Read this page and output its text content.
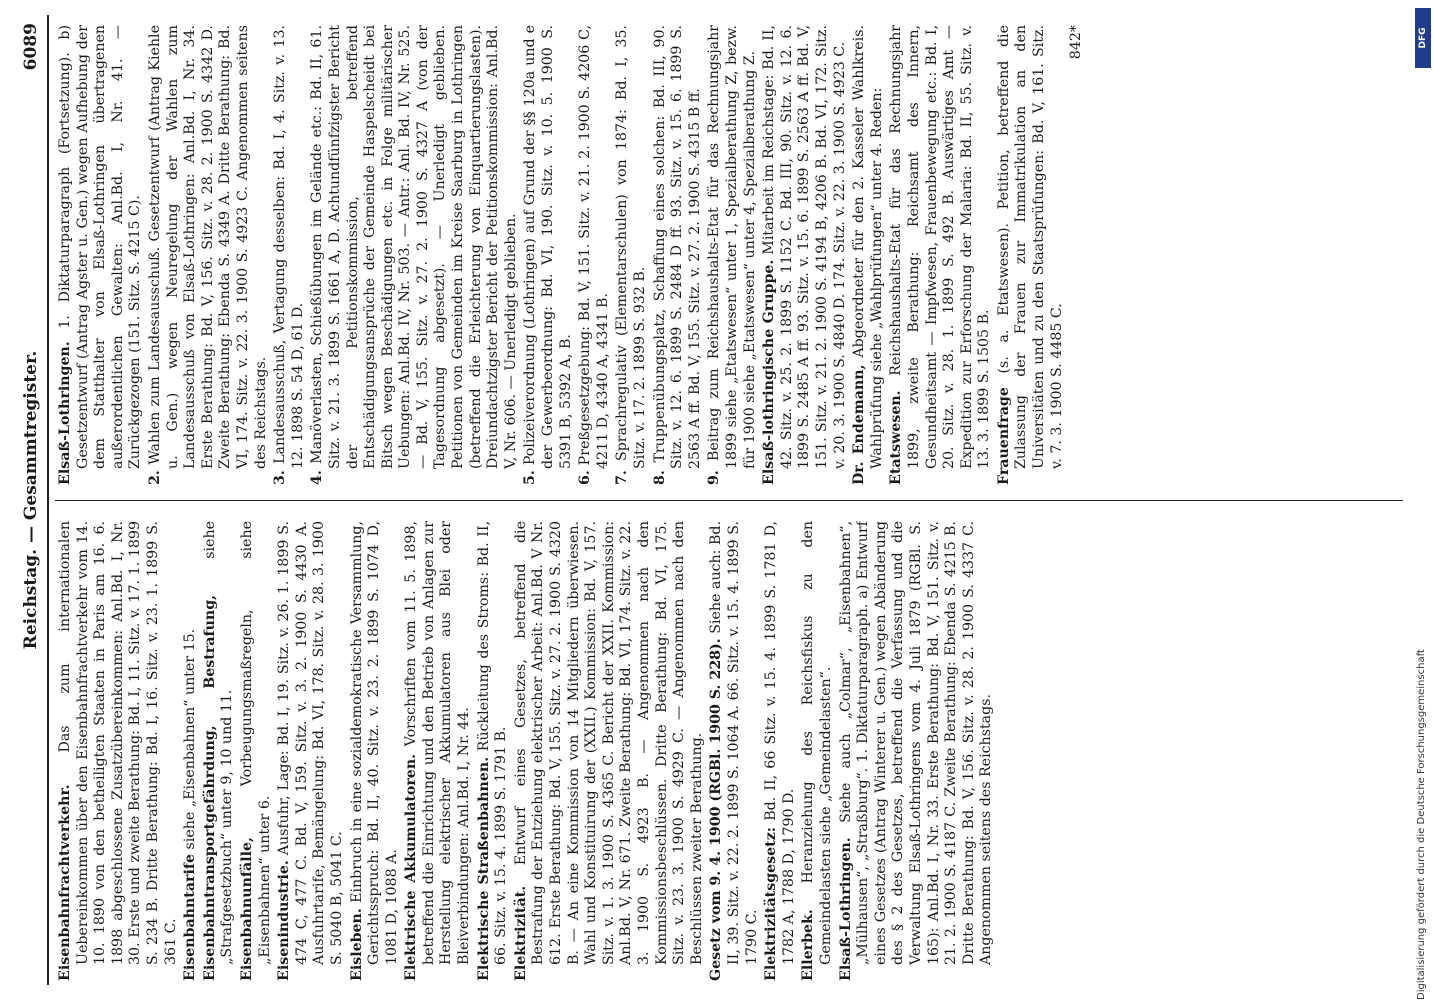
Reichstag. — Gesammtregister.
6089

Eisenbahnfrachtverkehr. Das zum internationalen Uebereinkommen über den Eisenbahnfrachtverkehr vom 14. 10. 1890 von den betheiligten Staaten in Paris am 16. 6. 1898 abgeschlossene Zusatzübereinkommen: Anl.Bd. I, Nr. 30. Erste und zweite Berathung: Bd. I, 11. Sitz. v. 17. 1. 1899 S. 234 B. Dritte Berathung: Bd. I, 16. Sitz. v. 23. 1. 1899 S. 361 C. Eisenbahntarife siehe „Eisenbahnen“ unter 15. Eisenbahntransportgefährdung, Bestrafung, siehe „Strafgesetzbuch“ unter 9, 10 und 11. Eisenbahnunfälle, Vorbeugungsmaßregeln, siehe „Eisenbahnen“ unter 6. Eisenindustrie. Ausfuhr, Lage: Bd. I, 19. Sitz. v. 26. 1. 1899 S. 474 C, 477 C. Bd. V, 159. Sitz. v. 3. 2. 1900 S. 4430 A. Ausfuhrtarife, Bemängelung: Bd. VI, 178. Sitz. v. 28. 3. 1900 S. 5040 B, 5041 C. Eisleben. Einbruch in eine sozialdemokratische Versammlung, Gerichtsspruch: Bd. II, 40. Sitz. v. 23. 2. 1899 S. 1074 D, 1081 D, 1088 A. Elektrische Akkumulatoren. Vorschriften vom 11. 5. 1898, betreffend die Einrichtung und den Betrieb von Anlagen zur Herstellung elektrischer Akkumulatoren aus Blei oder Bleiverbindungen: Anl.Bd. I, Nr. 44. Elektrische Straßenbahnen. Rückleitung des Stroms: Bd. II, 66. Sitz. v. 15. 4. 1899 S. 1791 B. Elektrizität. Entwurf eines Gesetzes, betreffend die Bestrafung der Entziehung elektrischer Arbeit: Anl.Bd. V Nr. 612. Erste Berathung: Bd. V, 155. Sitz. v. 27. 2. 1900 S. 4320 B. — An eine Kommission von 14 Mitgliedern überwiesen. Wahl und Konstituirung der (XXII.) Kommission: Bd. V, 157. Sitz. v. 1. 3. 1900 S. 4365 C. Bericht der XXII. Kommission: Anl.Bd. V, Nr. 671. Zweite Berathung: Bd. VI, 174. Sitz. v. 22. 3. 1900 S. 4923 B. — Angenommen nach den Kommissionsbeschlüssen. Dritte Berathung: Bd. VI, 175. Sitz. v. 23. 3. 1900 S. 4929 C. — Angenommen nach den Beschlüssen zweiter Berathung. Gesetz vom 9. 4. 1900 (RGBl. 1900 S. 228). Siehe auch: Bd. II, 39. Sitz. v. 22. 2. 1899 S. 1064 A. 66. Sitz. v. 15. 4. 1899 S. 1790 C. Elektrizitätsgesetz: Bd. II, 66 Sitz. v. 15. 4. 1899 S. 1781 D, 1782 A, 1788 D, 1790 D. Ellerbek. Heranziehung des Reichsfiskus zu den Gemeindelasten siehe „Gemeindelasten“. Elsaß-Lothringen. Siehe auch „Colmar“, „Eisenbahnen“, „Mülhausen“, „Straßburg“. 1. Diktaturparagraph. a) Entwurf eines Gesetzes (Antrag Winterer u. Gen.) wegen Abänderung des § 2 des Gesetzes, betreffend die Verfassung und die Verwaltung Elsaß-Lothringens vom 4. Juli 1879 (RGBl. S. 165): Anl.Bd. I, Nr. 33. Erste Berathung: Bd. V, 151. Sitz. v. 21. 2. 1900 S. 4187 C. Zweite Berathung: Ebenda S. 4215 B. Dritte Berathung: Bd. V, 156. Sitz. v. 28. 2. 1900 S. 4337 C. Angenommen seitens des Reichstags.

Elsaß-Lothringen. 1. Diktaturparagraph (Fortsetzung). b) Gesetzentwurf (Antrag Agster u. Gen.) wegen Aufhebung der dem Statthalter von Elsaß-Lothringen übertragenen außerordentlichen Gewalten: Anl.Bd. I, Nr. 41. — Zurückgezogen (151. Sitz. S. 4215 C).

2. Wahlen zum Landesausschuß. Gesetzentwurf (Antrag Kiehle u. Gen.) wegen Neuregelung der Wahlen zum Landesausschuß von Elsaß-Lothringen: Anl.Bd. I, Nr. 34. Erste Berathung: Bd. V, 156. Sitz. v. 28. 2. 1900 S. 4342 D. Zweite Berathung: Ebenda S. 4349 A. Dritte Berathung: Bd. VI, 174. Sitz. v. 22. 3. 1900 S. 4923 C. Angenommen seitens des Reichstags.

3. Landesausschuß, Vertagung desselben: Bd. I, 4. Sitz. v. 13. 12. 1898 S. 54 D, 61 D.

4. Manöverlasten, Schießübungen im Gelände etc.: Bd. II, 61. Sitz. v. 21. 3. 1899 S. 1661 A, D. Achtundfünfzigster Bericht der Petitionskommission, betreffend Entschädigungsansprüche der Gemeinde Haspelscheidt bei Bitsch wegen Beschädigungen etc. in Folge militärischer Uebungen: Anl.Bd. IV, Nr. 503. — Antr.: Anl. Bd. IV, Nr. 525. — Bd. V, 155. Sitz. v. 27. 2. 1900 S. 4327 A (von der Tagesordnung abgesetzt). — Unerledigt geblieben. Petitionen von Gemeinden im Kreise Saarburg in Lothringen (betreffend die Erleichterung von Einquartierungslasten). Dreiundachtzigster Bericht der Petitionskommission: Anl.Bd. V, Nr. 606. — Unerledigt geblieben.

5. Polizeiverordnung (Lothringen) auf Grund der §§ 120a und e der Gewerbeordnung: Bd. VI, 190. Sitz. v. 10. 5. 1900 S. 5391 B, 5392 A, B.

6. Preßgesetzgebung: Bd. V, 151. Sitz. v. 21. 2. 1900 S. 4206 C, 4211 D, 4340 A, 4341 B.

7. Sprachregulativ (Elementarschulen) von 1874: Bd. I, 35. Sitz. v. 17. 2. 1899 S. 932 B.

8. Truppenübungsplatz, Schaffung eines solchen: Bd. III, 90. Sitz. v. 12. 6. 1899 S. 2484 D ff. 93. Sitz. v. 15. 6. 1899 S. 2563 A ff. Bd. V, 155. Sitz. v. 27. 2. 1900 S. 4315 B ff.

9. Beitrag zum Reichshaushalts-Etat für das Rechnungsjahr 1899 siehe „Etatswesen“ unter 1, Spezialberathung Z, bezw. für 1900 siehe „Etatswesen“ unter 4, Spezialberathung Z. Elsaß-lothringische Gruppe. Mitarbeit im Reichstage: Bd. II, 42. Sitz. v. 25. 2. 1899 S. 1152 C. Bd. III, 90. Sitz. v. 12. 6. 1899 S. 2485 A ff. 93. Sitz. v. 15. 6. 1899 S. 2563 A ff. Bd. V, 151. Sitz. v. 21. 2. 1900 S. 4194 B, 4206 B. Bd. VI, 172. Sitz. v. 20. 3. 1900 S. 4840 D. 174. Sitz. v. 22. 3. 1900 S. 4923 C. Dr. Endemann, Abgeordneter für den 2. Kasseler Wahlkreis. Wahlprüfung siehe „Wahlprüfungen“ unter 4. Reden: Etatswesen. Reichshaushalts-Etat für das Rechnungsjahr 1899, zweite Berathung: Reichsamt des Innern, Gesundheitsamt — Impfwesen, Frauenbewegung etc.: Bd. I, 20. Sitz. v. 28. 1. 1899 S. 492 B. Auswärtiges Amt — Expedition zur Erforschung der Malaria: Bd. II, 55. Sitz. v. 13. 3. 1899 S. 1505 B. Frauenfrage (s. a. Etatswesen). Petition, betreffend die Zulassung der Frauen zur Immatrikulation an den Universitäten und zu den Staatsprüfungen: Bd. V, 161. Sitz. v. 7. 3. 1900 S. 4485 C.

842*

Digitalisierung gefördert durch die Deutsche Forschungsgemeinschaft
DFG
